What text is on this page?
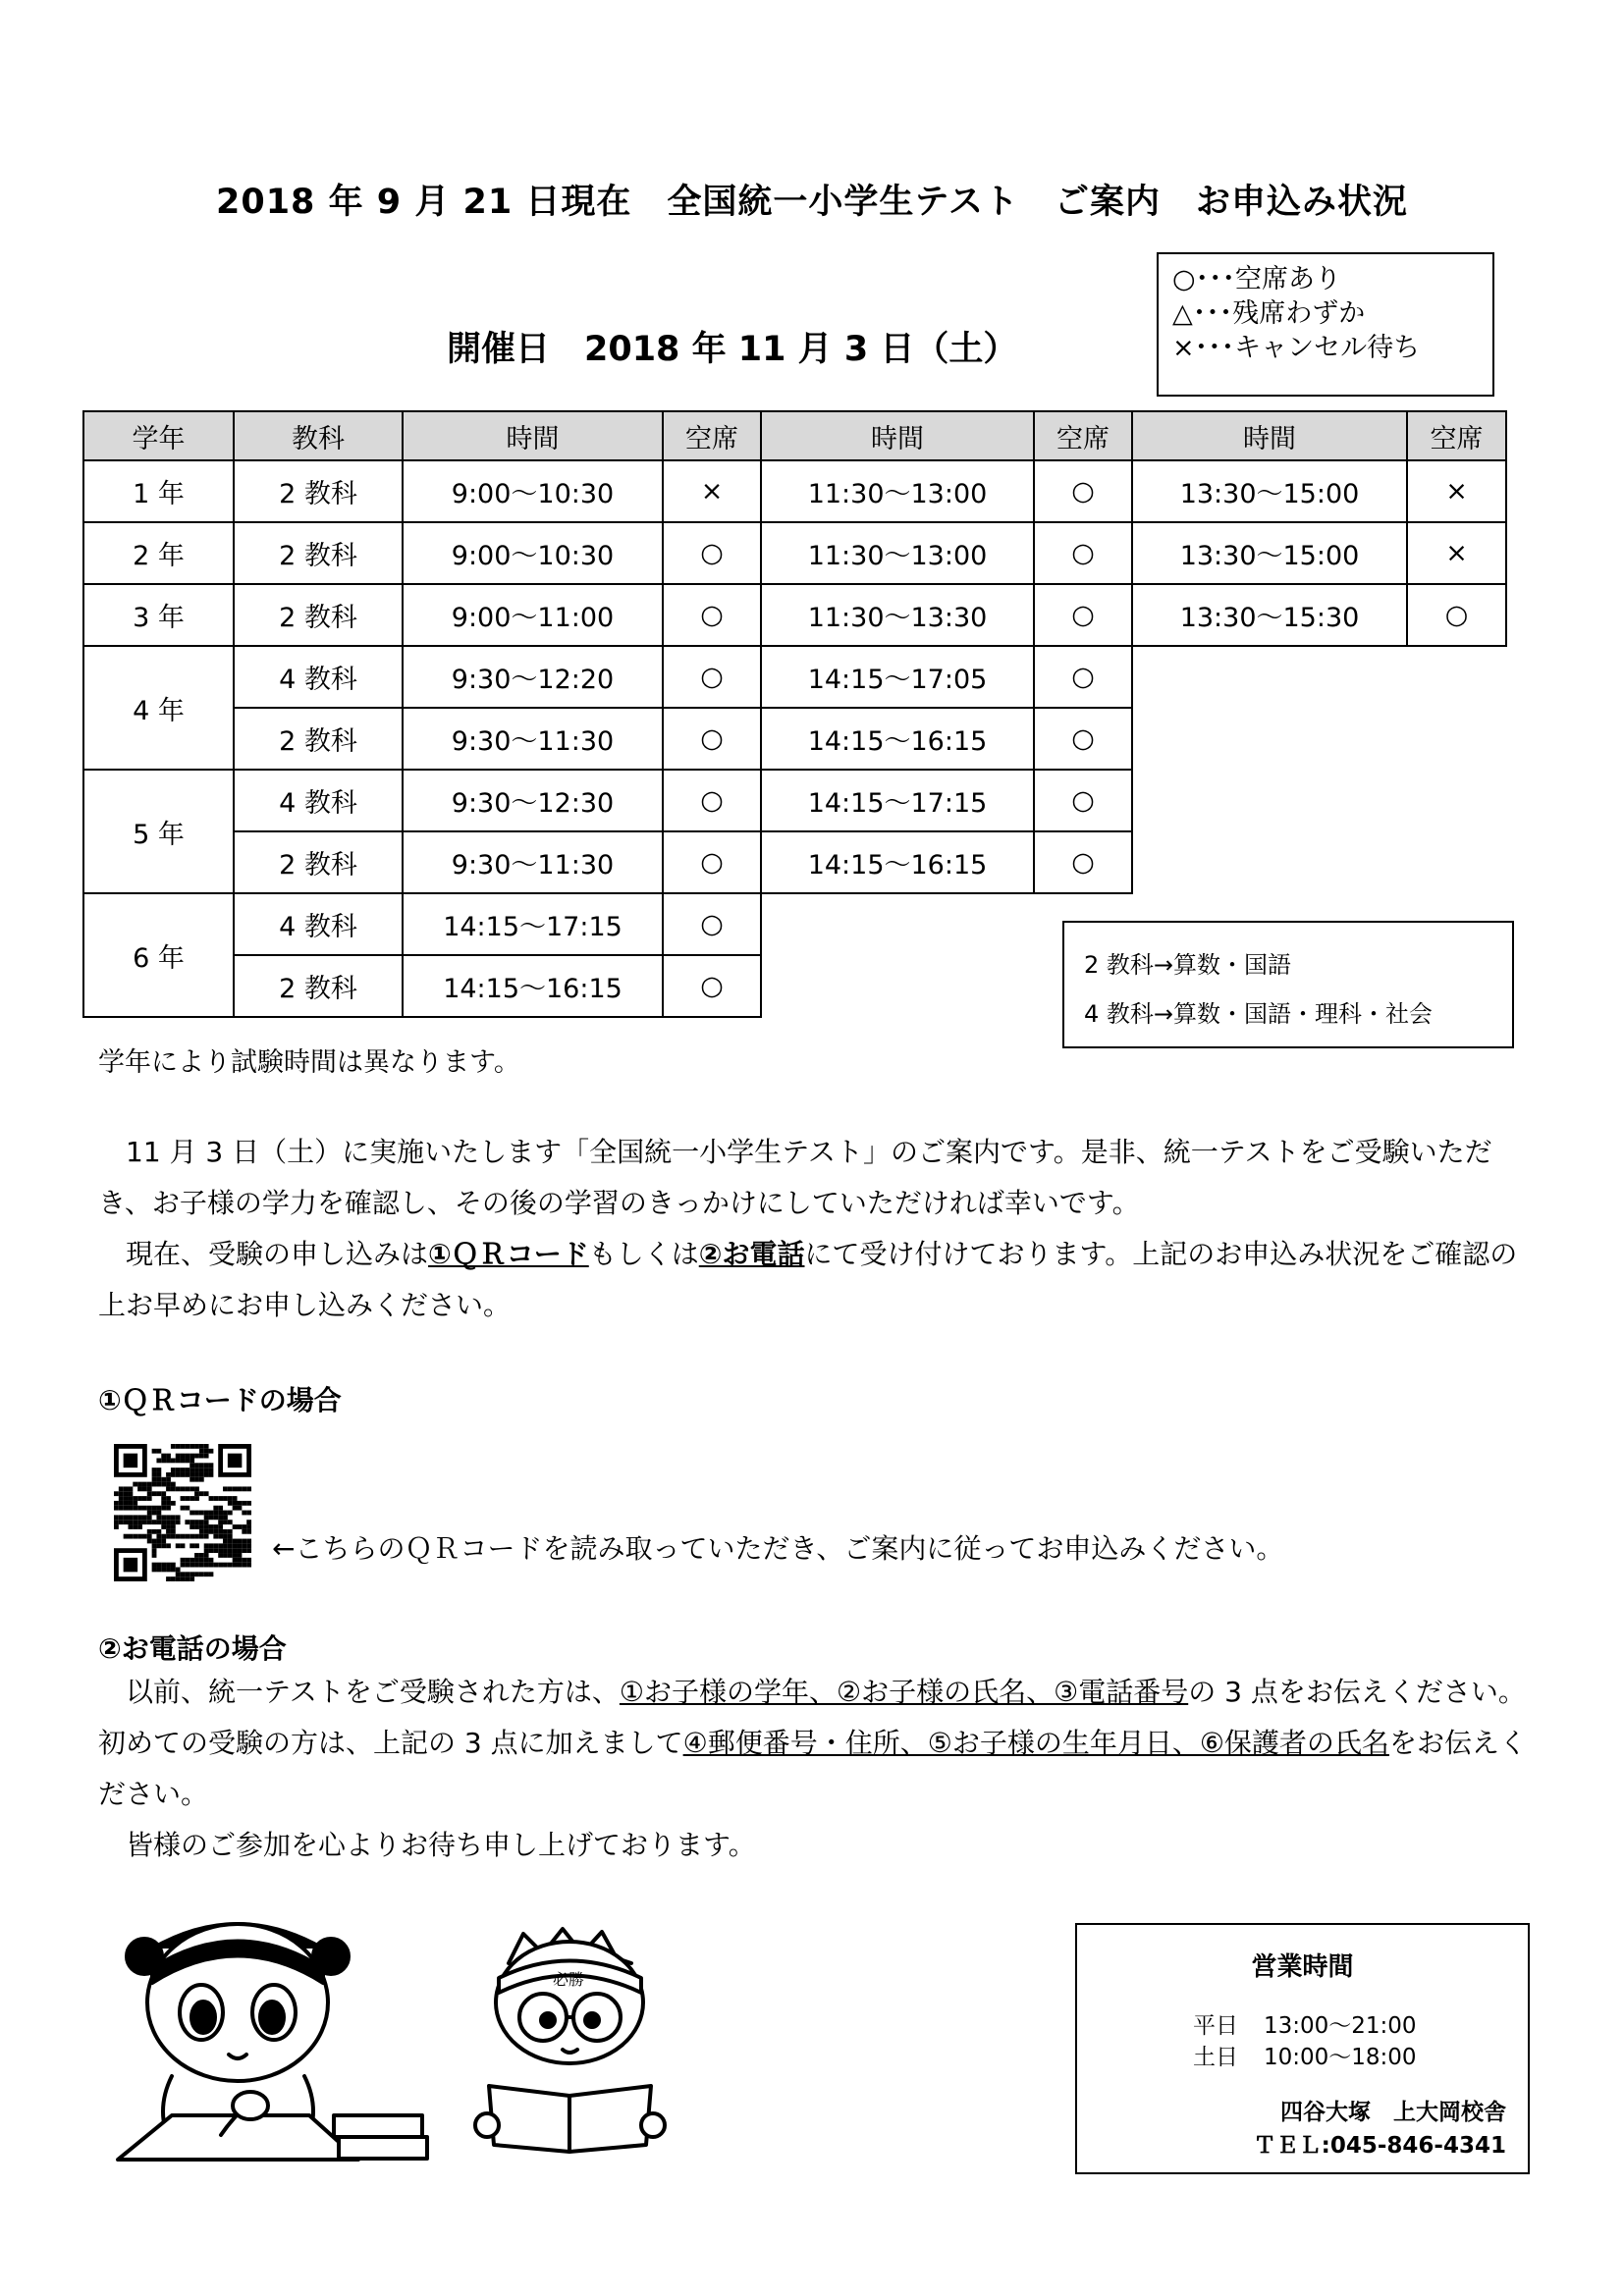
2018 年 9 月 21 日現在　全国統一小学生テスト　ご案内　お申込み状況
開催日　2018 年 11 月 3 日（土）
○･･･空席あり
△･･･残席わずか
×･･･キャンセル待ち
学年	教科	時間	空席	時間	空席	時間	空席
1 年	2 教科	9:00～10:30	×	11:30～13:00	○	13:30～15:00	×
2 年	2 教科	9:00～10:30	○	11:30～13:00	○	13:30～15:00	×
3 年	2 教科	9:00～11:00	○	11:30～13:30	○	13:30～15:30	○
4 年	4 教科	9:30～12:20	○	14:15～17:05	○		
	2 教科	9:30～11:30	○	14:15～16:15	○		
5 年	4 教科	9:30～12:30	○	14:15～17:15	○		
	2 教科	9:30～11:30	○	14:15～16:15	○		
6 年	4 教科	14:15～17:15	○				
	2 教科	14:15～16:15	○				
2 教科→算数・国語
4 教科→算数・国語・理科・社会
学年により試験時間は異なります。

11 月 3 日（土）に実施いたします「全国統一小学生テスト」のご案内です。是非、統一テストをご受験いただき、お子様の学力を確認し、その後の学習のきっかけにしていただければ幸いです。

現在、受験の申し込みは①ＱＲコードもしくは②お電話にて受け付けております。上記のお申込み状況をご確認の上お早めにお申し込みください。

①ＱＲコードの場合
←こちらのＱＲコードを読み取っていただき、ご案内に従ってお申込みください。
②お電話の場合

以前、統一テストをご受験された方は、①お子様の学年、②お子様の氏名、③電話番号の 3 点をお伝えください。初めての受験の方は、上記の 3 点に加えまして④郵便番号・住所、⑤お子様の生年月日、⑥保護者の氏名をお伝えください。

皆様のご参加を心よりお待ち申し上げております。

必勝	営業時間
平日 13:00～21:00
土日 10:00～18:00
四谷大塚　上大岡校舎
ＴＥＬ:045-846-4341
